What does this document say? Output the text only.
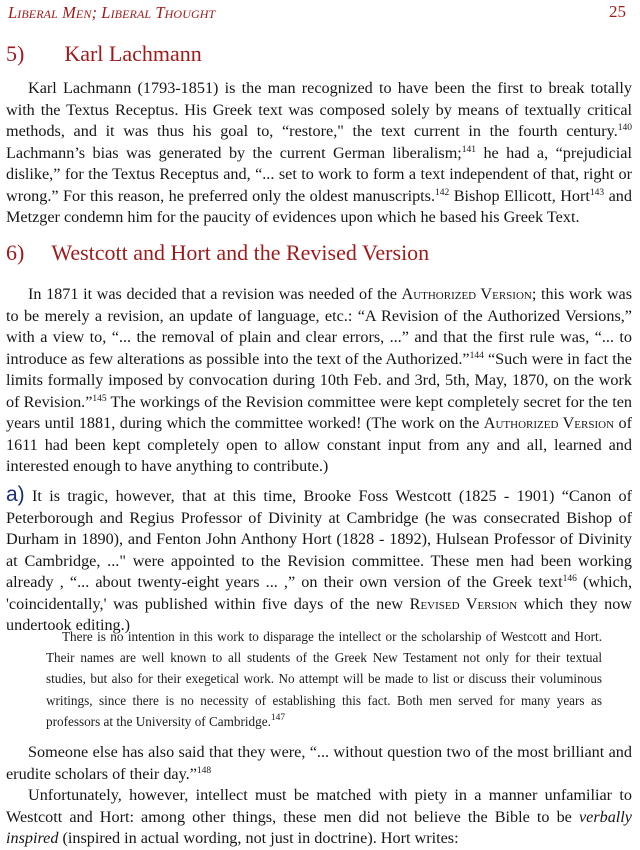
Liberal Men; Liberal Thought	25
5) Karl Lachmann

Karl Lachmann (1793-1851) is the man recognized to have been the first to break totally with the Textus Receptus. His Greek text was composed solely by means of textually critical methods, and it was thus his goal to, “restore," the text current in the fourth century.$^{140}$ Lachmann’s bias was generated by the current German liberalism;$^{141}$ he had a, “prejudicial dislike,” for the Textus Receptus and, “... set to work to form a text independent of that, right or wrong.” For this reason, he preferred only the oldest manuscripts.$^{142}$ Bishop Ellicott, Hort$^{143}$ and Metzger condemn him for the paucity of evidences upon which he based his Greek Text.

6) Westcott and Hort and the Revised Version

In 1871 it was decided that a revision was needed of the Authorized Version; this work was to be merely a revision, an update of language, etc.: “A Revision of the Authorized Versions,” with a view to, “... the removal of plain and clear errors, ...” and that the first rule was, “... to introduce as few alterations as possible into the text of the Authorized.”$^{144}$ “Such were in fact the limits formally imposed by convocation during 10th Feb. and 3rd, 5th, May, 1870, on the work of Revision.”$^{145}$ The workings of the Revision committee were kept completely secret for the ten years until 1881, during which the committee worked! (The work on the Authorized Version of 1611 had been kept completely open to allow constant input from any and all, learned and interested enough to have anything to contribute.)

a) It is tragic, however, that at this time, Brooke Foss Westcott (1825 - 1901) “Canon of Peterborough and Regius Professor of Divinity at Cambridge (he was consecrated Bishop of Durham in 1890), and Fenton John Anthony Hort (1828 - 1892), Hulsean Professor of Divinity at Cambridge, ..." were appointed to the Revision committee. These men had been working already , “... about twenty-eight years ... ,” on their own version of the Greek text$^{146}$ (which, 'coincidentally,' was published within five days of the new Revised Version which they now undertook editing.)

There is no intention in this work to disparage the intellect or the scholarship of Westcott and Hort. Their names are well known to all students of the Greek New Testament not only for their textual studies, but also for their exegetical work. No attempt will be made to list or discuss their voluminous writings, since there is no necessity of establishing this fact. Both men served for many years as professors at the University of Cambridge.$^{147}$

Someone else has also said that they were, “... without question two of the most brilliant and erudite scholars of their day.”$^{148}$

Unfortunately, however, intellect must be matched with piety in a manner unfamiliar to Westcott and Hort: among other things, these men did not believe the Bible to be verbally inspired (inspired in actual wording, not just in doctrine). Hort writes:
